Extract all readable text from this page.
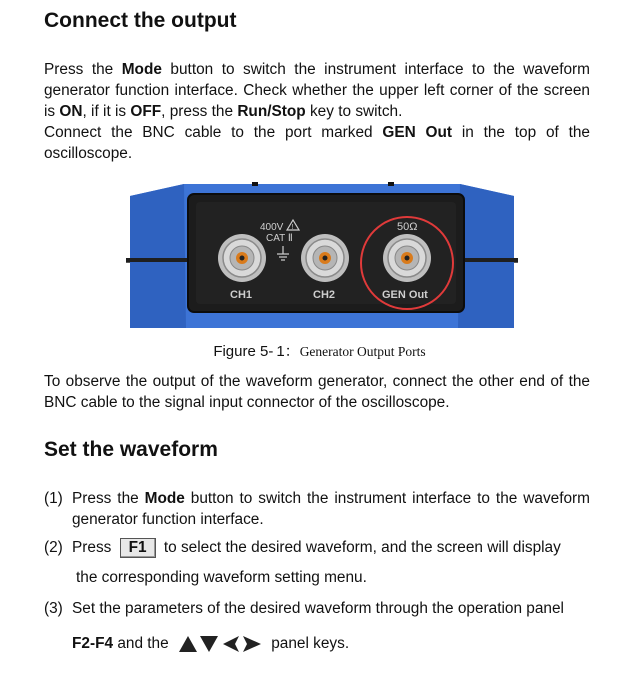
Connect the output

Press the Mode button to switch the instrument interface to the waveform generator function interface. Check whether the upper left corner of the screen is ON, if it is OFF, press the Run/Stop key to switch.

Connect the BNC cable to the port marked GEN Out in the top of the oscilloscope.

400V !
CAT Ⅱ
50Ω
CH1	CH2	GEN Out
Figure 5- 1：Generator Output Ports

To observe the output of the waveform generator, connect the other end of the BNC cable to the signal input connector of the oscilloscope.

Set the waveform
(1) Press the Mode button to switch the instrument interface to the waveform generator function interface.
(2) Press F1 to select the desired waveform, and the screen will display
the corresponding waveform setting menu.
(3) Set the parameters of the desired waveform through the operation panel
F2-F4 and the	panel keys.
